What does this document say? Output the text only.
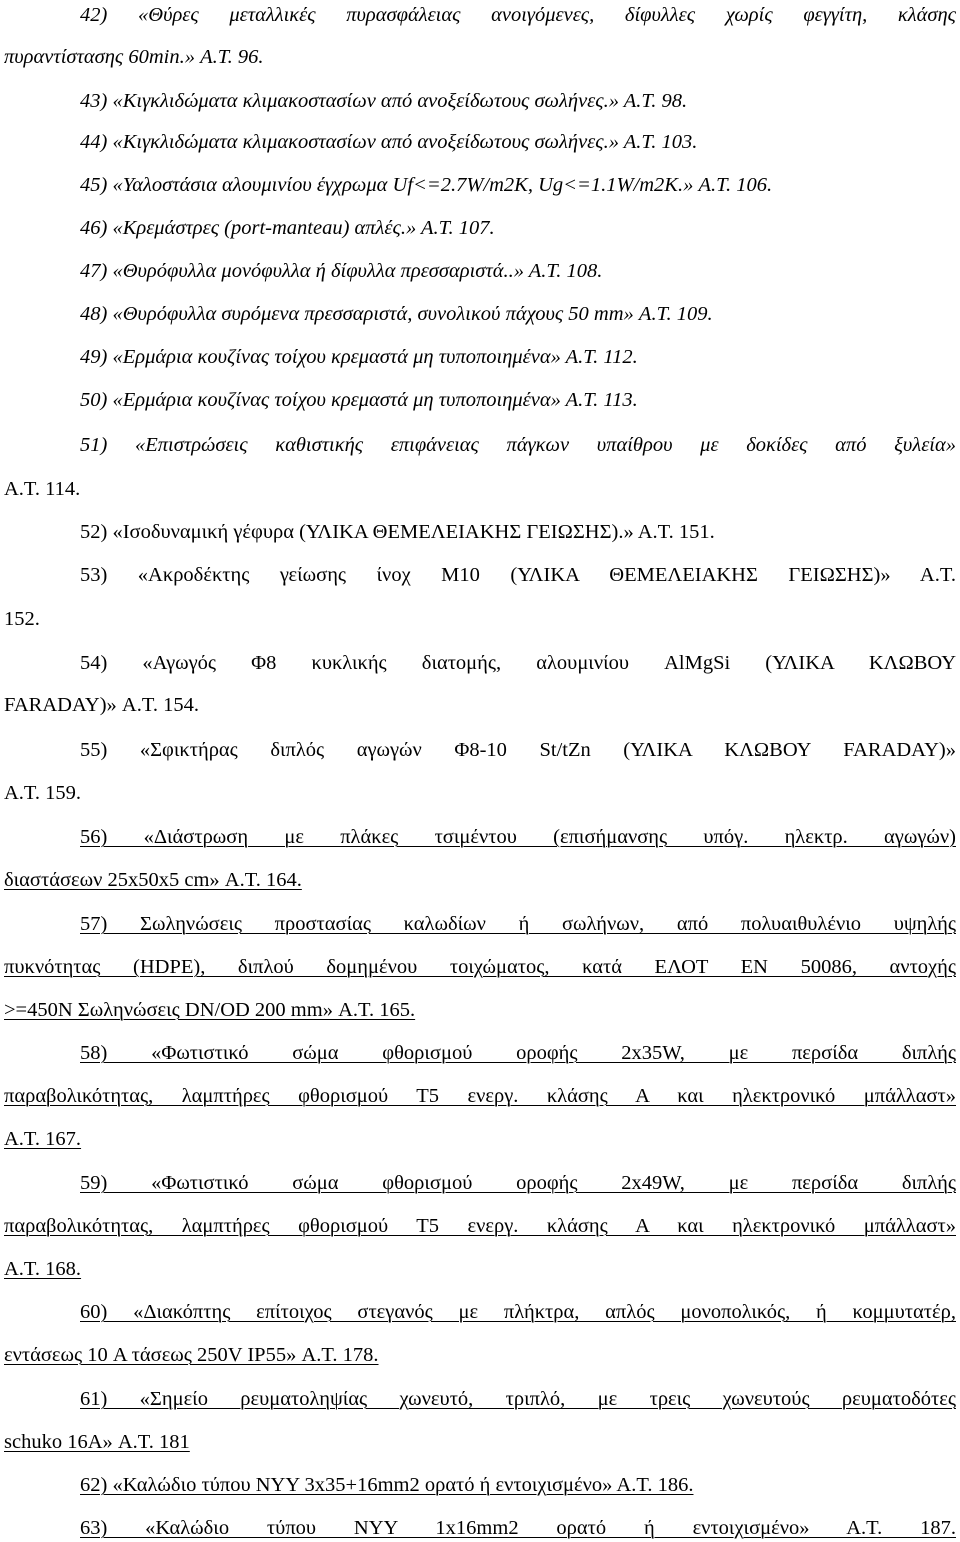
42) «Θύρες μεταλλικές πυρασφάλειας ανοιγόμενες, δίφυλλες χωρίς φεγγίτη, κλάσης
πυραντίστασης 60min.» Α.Τ. 96.
43) «Κιγκλιδώματα κλιμακοστασίων από ανοξείδωτους σωλήνες.» Α.Τ. 98.
44) «Κιγκλιδώματα κλιμακοστασίων από ανοξείδωτους σωλήνες.» Α.Τ. 103.
45) «Υαλοστάσια αλουμινίου έγχρωμα Uf<=2.7W/m2K, Ug<=1.1W/m2K.» Α.Τ. 106.
46) «Κρεμάστρες (port-manteau) απλές.» Α.Τ. 107.
47) «Θυρόφυλλα μονόφυλλα ή δίφυλλα πρεσσαριστά..» Α.Τ. 108.
48) «Θυρόφυλλα συρόμενα πρεσσαριστά, συνολικού πάχους 50 mm» Α.Τ. 109.
49) «Ερμάρια κουζίνας τοίχου κρεμαστά μη τυποποιημένα» Α.Τ. 112.
50) «Ερμάρια κουζίνας τοίχου κρεμαστά μη τυποποιημένα» Α.Τ. 113.
51) «Επιστρώσεις καθιστικής επιφάνειας πάγκων υπαίθρου με δοκίδες από ξυλεία»
Α.Τ. 114.
52) «Ισοδυναμική γέφυρα (ΥΛΙΚΑ ΘΕΜΕΛΕΙΑΚΗΣ ΓΕΙΩΣΗΣ).» Α.Τ. 151.
53) «Ακροδέκτης γείωσης ίνοχ Μ10 (ΥΛΙΚΑ ΘΕΜΕΛΕΙΑΚΗΣ ΓΕΙΩΣΗΣ)» Α.Τ.
152.
54) «Αγωγός Φ8 κυκλικής διατομής, αλουμινίου AlMgSi (ΥΛΙΚΑ ΚΛΩΒΟΥ
FARADAY)» Α.Τ. 154.
55) «Σφικτήρας διπλός αγωγών Φ8-10 St/tZn (ΥΛΙΚΑ ΚΛΩΒΟΥ FARADAY)»
Α.Τ. 159.
56) «Διάστρωση με πλάκες τσιμέντου (επισήμανσης υπόγ. ηλεκτρ. αγωγών)
διαστάσεων 25x50x5 cm» Α.Τ. 164.
57) Σωληνώσεις προστασίας καλωδίων ή σωλήνων, από πολυαιθυλένιο υψηλής
πυκνότητας (HDPE), διπλού δομημένου τοιχώματος, κατά ΕΛΟΤ ΕΝ 50086, αντοχής
>=450N Σωληνώσεις DN/OD 200 mm» Α.Τ. 165.
58) «Φωτιστικό σώμα φθορισμού οροφής 2x35W, με περσίδα διπλής
παραβολικότητας, λαμπτήρες φθορισμού Τ5 ενεργ. κλάσης Α και ηλεκτρονικό μπάλλαστ»
Α.Τ. 167.
59) «Φωτιστικό σώμα φθορισμού οροφής 2x49W, με περσίδα διπλής
παραβολικότητας, λαμπτήρες φθορισμού Τ5 ενεργ. κλάσης Α και ηλεκτρονικό μπάλλαστ»
Α.Τ. 168.
60) «Διακόπτης επίτοιχος στεγανός με πλήκτρα, απλός μονοπολικός, ή κομμυτατέρ,
εντάσεως 10 A τάσεως 250V IP55» Α.Τ. 178.
61) «Σημείο ρευματοληψίας χωνευτό, τριπλό, με τρεις χωνευτούς ρευματοδότες
schuko 16A» Α.Τ. 181
62) «Καλώδιο τύπου NYY 3x35+16mm2 ορατό ή εντοιχισμένο» Α.Τ. 186.
63) «Καλώδιο τύπου NYY 1x16mm2 ορατό ή εντοιχισμένο» Α.Τ. 187.
